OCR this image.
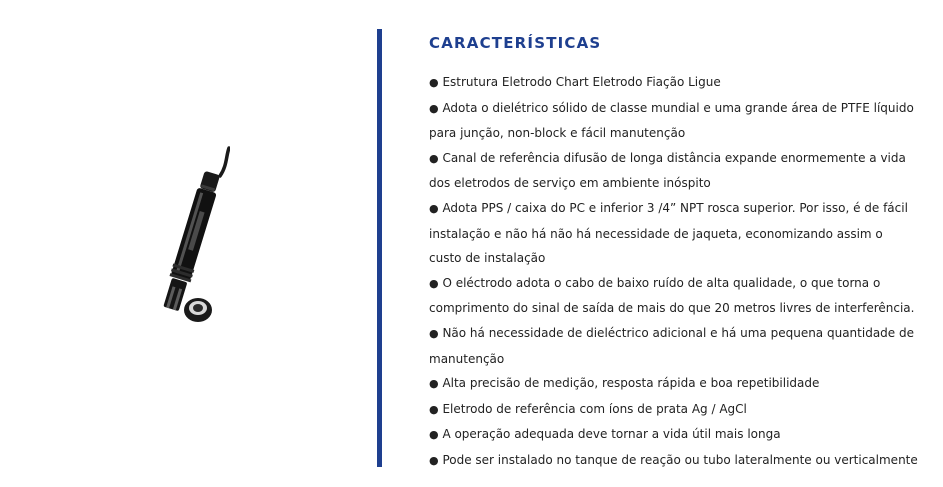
CARACTERÍSTICAS
● Estrutura Eletrodo Chart Eletrodo Fiação Ligue
● Adota o dielétrico sólido de classe mundial e uma grande área de PTFE líquido para junção, non-block e fácil manutenção
● Canal de referência difusão de longa distância expande enormemente a vida dos eletrodos de serviço em ambiente inóspito
● Adota PPS / caixa do PC e inferior 3 /4” NPT rosca superior. Por isso, é de fácil instalação e não há não há necessidade de jaqueta, economizando assim o custo de instalação
● O eléctrodo adota o cabo de baixo ruído de alta qualidade, o que torna o comprimento do sinal de saída de mais do que 20 metros livres de interferência.
● Não há necessidade de dieléctrico adicional e há uma pequena quantidade de manutenção
● Alta precisão de medição, resposta rápida e boa repetibilidade
● Eletrodo de referência com íons de prata Ag / AgCl
● A operação adequada deve tornar a vida útil mais longa
● Pode ser instalado no tanque de reação ou tubo lateralmente ou verticalmente
